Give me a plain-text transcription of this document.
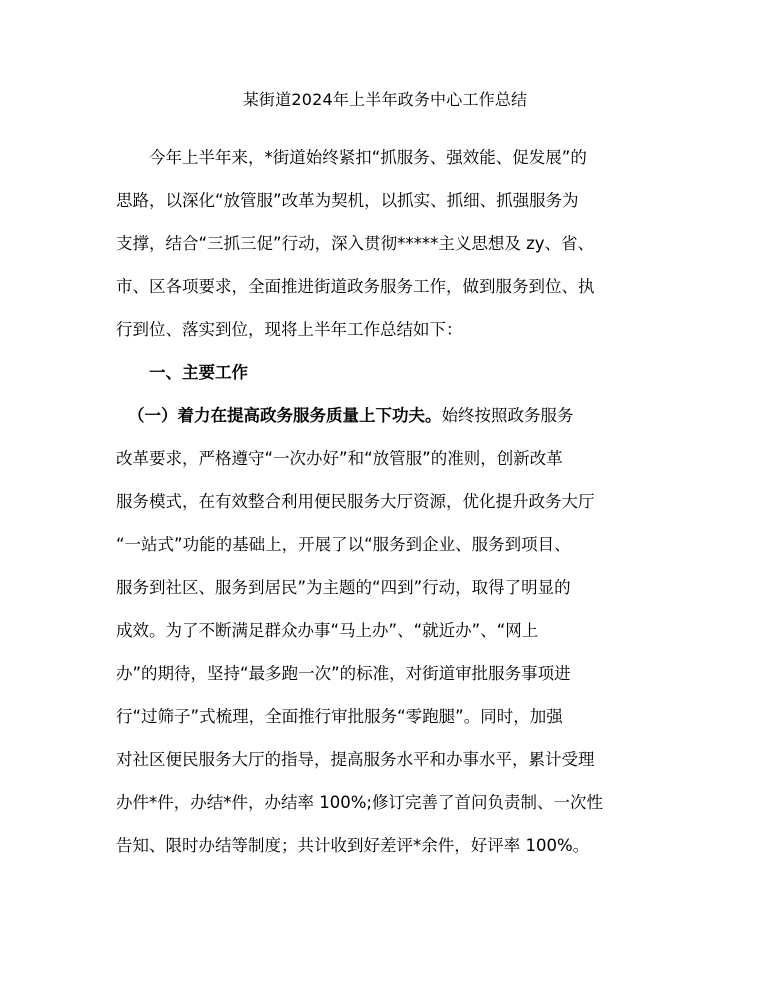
某街道2024年上半年政务中心工作总结
今年上半年来，*街道始终紧扣“抓服务、强效能、促发展”的
思路，以深化“放管服”改革为契机，以抓实、抓细、抓强服务为
支撑，结合“三抓三促”行动，深入贯彻*****主义思想及 zy、省、
市、区各项要求，全面推进街道政务服务工作，做到服务到位、执
行到位、落实到位，现将上半年工作总结如下：
一、主要工作
（一）着力在提高政务服务质量上下功夫。始终按照政务服务
改革要求，严格遵守“一次办好”和“放管服”的准则，创新改革
服务模式，在有效整合利用便民服务大厅资源，优化提升政务大厅
“一站式”功能的基础上，开展了以“服务到企业、服务到项目、
服务到社区、服务到居民”为主题的“四到”行动，取得了明显的
成效。为了不断满足群众办事“马上办”、“就近办”、“网上
办”的期待，坚持“最多跑一次”的标准，对街道审批服务事项进
行“过筛子”式梳理，全面推行审批服务“零跑腿”。同时，加强
对社区便民服务大厅的指导，提高服务水平和办事水平，累计受理
办件*件，办结*件，办结率 100%;修订完善了首问负责制、一次性
告知、限时办结等制度；共计收到好差评*余件，好评率 100%。
